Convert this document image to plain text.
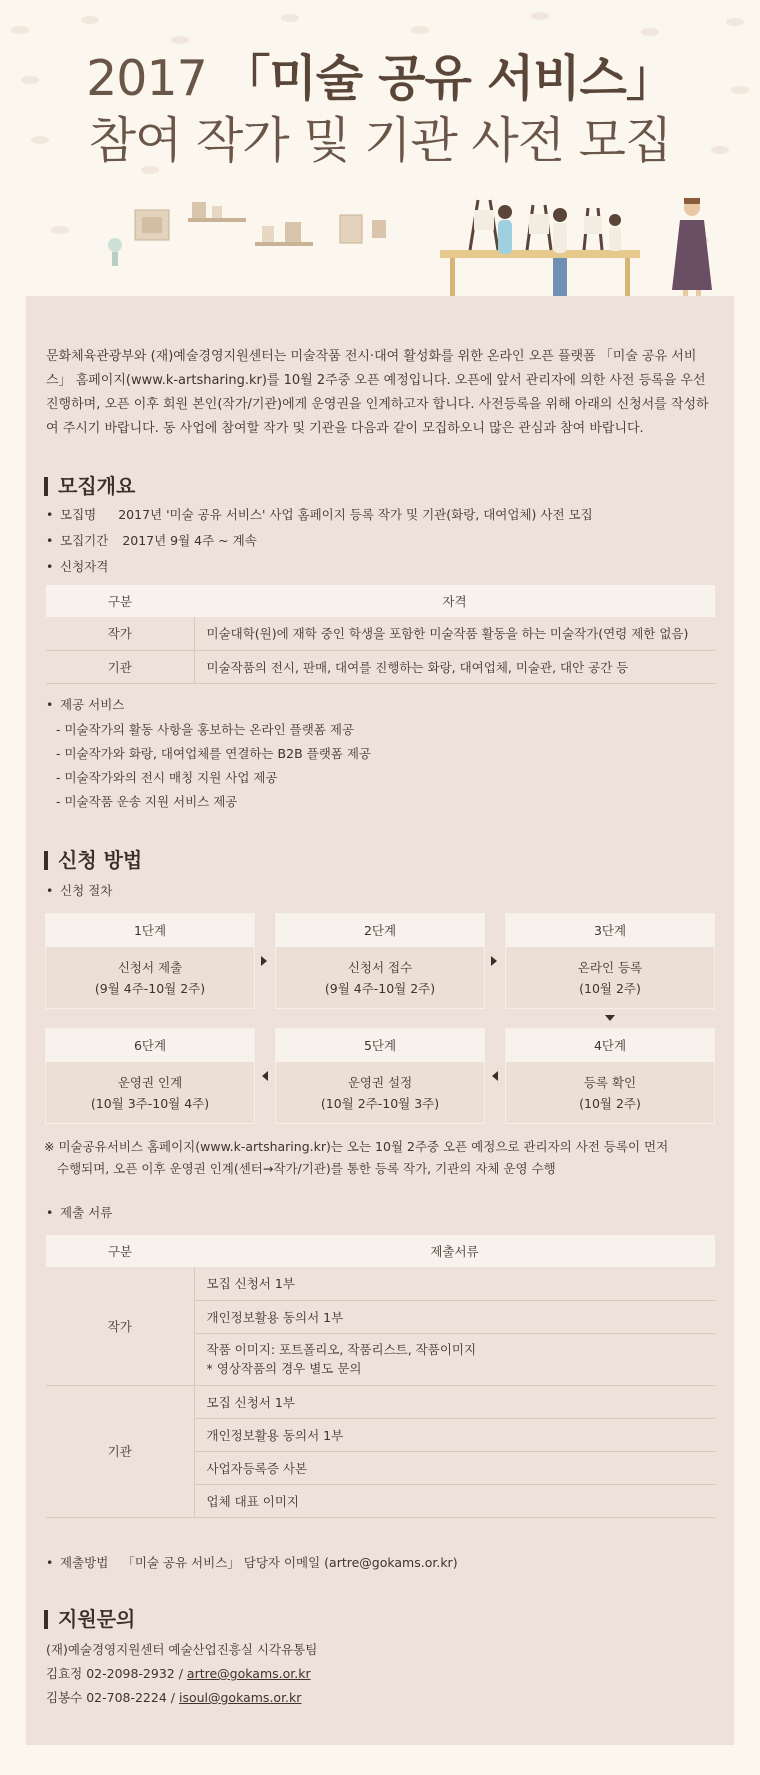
2017 「미술 공유 서비스」
참여 작가 및 기관 사전 모집

문화체육관광부와 (재)예술경영지원센터는 미술작품 전시·대여 활성화를 위한 온라인 오픈 플랫폼 「미술 공유 서비스」 홈페이지(www.k-artsharing.kr)를 10월 2주중 오픈 예정입니다. 오픈에 앞서 관리자에 의한 사전 등록을 우선 진행하며, 오픈 이후 회원 본인(작가/기관)에게 운영권을 인계하고자 합니다. 사전등록을 위해 아래의 신청서를 작성하여 주시기 바랍니다. 동 사업에 참여할 작가 및 기관을 다음과 같이 모집하오니 많은 관심과 참여 바랍니다.

모집개요
• 모집명 2017년 '미술 공유 서비스' 사업 홈페이지 등록 작가 및 기관(화랑, 대여업체) 사전 모집
• 모집기간 2017년 9월 4주 ~ 계속
• 신청자격
구분	자격
작가	미술대학(원)에 재학 중인 학생을 포함한 미술작품 활동을 하는 미술작가(연령 제한 없음)
기관	미술작품의 전시, 판매, 대여를 진행하는 화랑, 대여업체, 미술관, 대안 공간 등
• 제공 서비스
- 미술작가의 활동 사항을 홍보하는 온라인 플랫폼 제공
- 미술작가와 화랑, 대여업체를 연결하는 B2B 플랫폼 제공
- 미술작가와의 전시 매칭 지원 사업 제공
- 미술작품 운송 지원 서비스 제공
신청 방법
• 신청 절차
1단계
신청서 제출
(9월 4주-10월 2주)
2단계
신청서 접수
(9월 4주-10월 2주)
3단계
온라인 등록
(10월 2주)
6단계
운영권 인계
(10월 3주-10월 4주)
5단계
운영권 설정
(10월 2주-10월 3주)
4단계
등록 확인
(10월 2주)
※ 미술공유서비스 홈페이지(www.k-artsharing.kr)는 오는 10월 2주중 오픈 예정으로 관리자의 사전 등록이 먼저
수행되며, 오픈 이후 운영권 인계(센터→작가/기관)를 통한 등록 작가, 기관의 자체 운영 수행
• 제출 서류
구분	제출서류
작가	모집 신청서 1부
	개인정보활용 동의서 1부

	작품 이미지: 포트폴리오, 작품리스트, 작품이미지
* 영상작품의 경우 별도 문의

기관	모집 신청서 1부
	개인정보활용 동의서 1부
	사업자등록증 사본
	업체 대표 이미지
• 제출방법 「미술 공유 서비스」 담당자 이메일 (artre@gokams.or.kr)
지원문의
(재)예술경영지원센터 예술산업진흥실 시각유통팀
김효정 02-2098-2932 / artre@gokams.or.kr
김봉수 02-708-2224 / isoul@gokams.or.kr
